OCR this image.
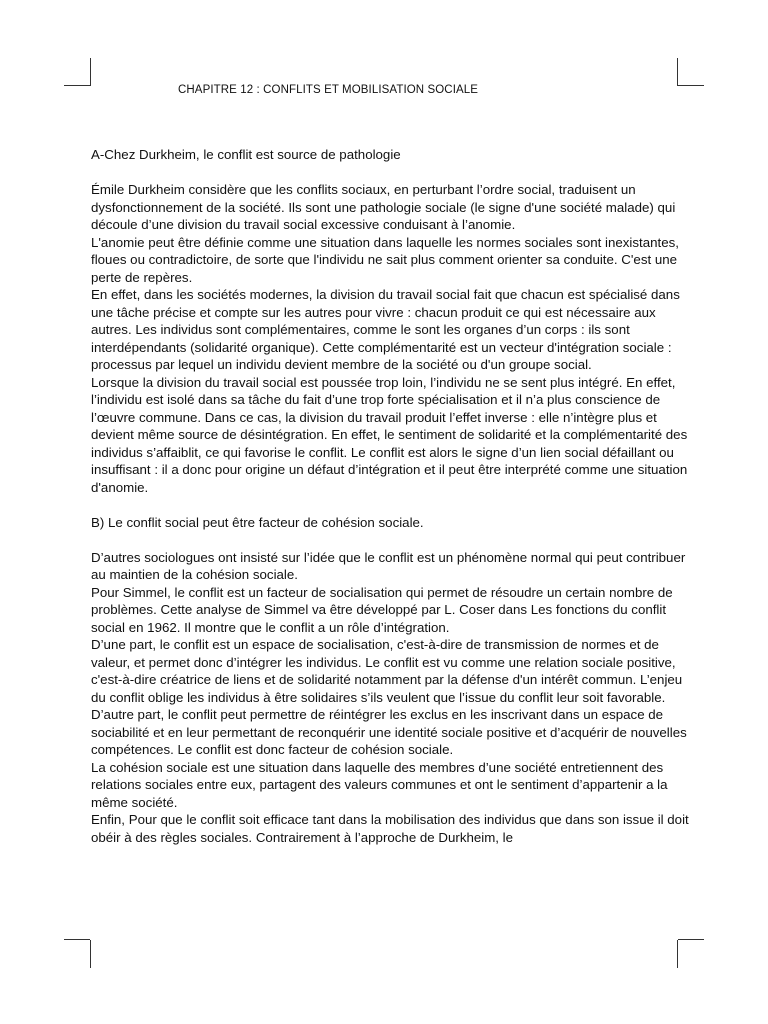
CHAPITRE 12 : CONFLITS ET MOBILISATION SOCIALE

A-Chez Durkheim, le conflit est source de pathologie

Émile Durkheim considère que les conflits sociaux, en perturbant l’ordre social, traduisent un dysfonctionnement de la société. Ils sont une pathologie sociale (le signe d'une société malade) qui découle d’une division du travail social excessive conduisant à l’anomie.

L'anomie peut être définie comme une situation dans laquelle les normes sociales sont inexistantes, floues ou contradictoire, de sorte que l'individu ne sait plus comment orienter sa conduite. C'est une perte de repères.

En effet, dans les sociétés modernes, la division du travail social fait que chacun est spécialisé dans une tâche précise et compte sur les autres pour vivre : chacun produit ce qui est nécessaire aux autres. Les individus sont complémentaires, comme le sont les organes d’un corps : ils sont interdépendants (solidarité organique). Cette complémentarité est un vecteur d'intégration sociale : processus par lequel un individu devient membre de la société ou d'un groupe social.

Lorsque la division du travail social est poussée trop loin, l’individu ne se sent plus intégré. En effet, l’individu est isolé dans sa tâche du fait d’une trop forte spécialisation et il n’a plus conscience de l’œuvre commune. Dans ce cas, la division du travail produit l’effet inverse : elle n’intègre plus et devient même source de désintégration. En effet, le sentiment de solidarité et la complémentarité des individus s’affaiblit, ce qui favorise le conflit. Le conflit est alors le signe d’un lien social défaillant ou insuffisant : il a donc pour origine un défaut d’intégration et il peut être interprété comme une situation d'anomie.

B) Le conflit social peut être facteur de cohésion sociale.

D’autres sociologues ont insisté sur l’idée que le conflit est un phénomène normal qui peut contribuer au maintien de la cohésion sociale.

Pour Simmel, le conflit est un facteur de socialisation qui permet de résoudre un certain nombre de problèmes. Cette analyse de Simmel va être développé par L. Coser dans Les fonctions du conflit social en 1962. Il montre que le conflit a un rôle d’intégration.

D’une part, le conflit est un espace de socialisation, c'est-à-dire de transmission de normes et de valeur, et permet donc d’intégrer les individus. Le conflit est vu comme une relation sociale positive, c'est-à-dire créatrice de liens et de solidarité notamment par la défense d'un intérêt commun. L’enjeu du conflit oblige les individus à être solidaires s’ils veulent que l’issue du conflit leur soit favorable.

D’autre part, le conflit peut permettre de réintégrer les exclus en les inscrivant dans un espace de sociabilité et en leur permettant de reconquérir une identité sociale positive et d’acquérir de nouvelles compétences. Le conflit est donc facteur de cohésion sociale.

La cohésion sociale est une situation dans laquelle des membres d’une société entretiennent des relations sociales entre eux, partagent des valeurs communes et ont le sentiment d’appartenir a la même société.

Enfin, Pour que le conflit soit efficace tant dans la mobilisation des individus que dans son issue il doit obéir à des règles sociales. Contrairement à l’approche de Durkheim, le
